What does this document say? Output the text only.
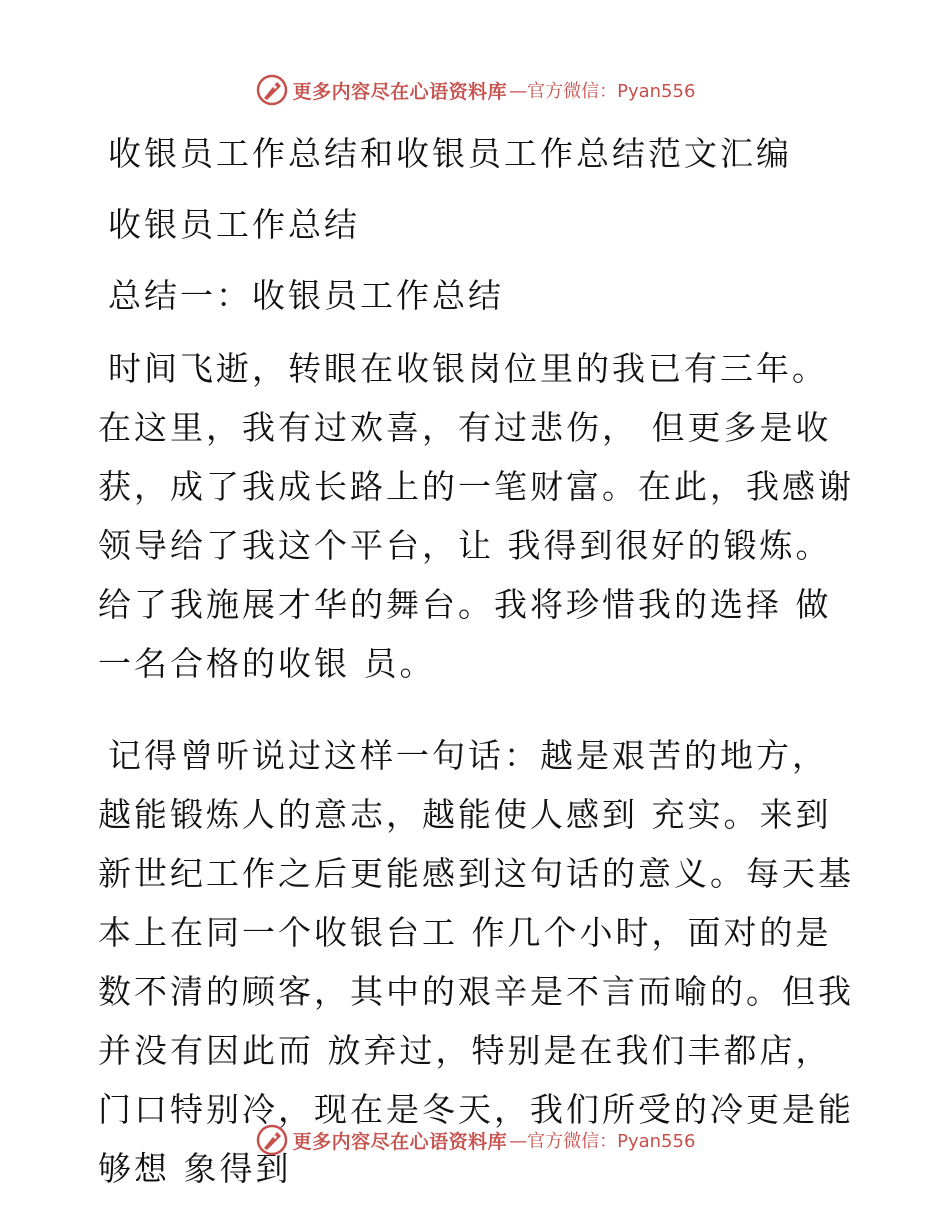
更多内容尽在心语资料库 —官方微信：Pyan556

收银员工作总结和收银员工作总结范文汇编

收银员工作总结

总结一：收银员工作总结

时间飞逝，转眼在收银岗位里的我已有三年。在这里，我有过欢喜，有过悲伤， 但更多是收获，成了我成长路上的一笔财富。在此，我感谢领导给了我这个平台，让 我得到很好的锻炼。给了我施展才华的舞台。我将珍惜我的选择 做一名合格的收银 员。

记得曾听说过这样一句话：越是艰苦的地方，越能锻炼人的意志，越能使人感到 充实。来到新世纪工作之后更能感到这句话的意义。每天基本上在同一个收银台工 作几个小时，面对的是数不清的顾客，其中的艰辛是不言而喻的。但我并没有因此而 放弃过，特别是在我们丰都店，门口特别冷，现在是冬天，我们所受的冷更是能够想 象得到

更多内容尽在心语资料库 —官方微信：Pyan556
